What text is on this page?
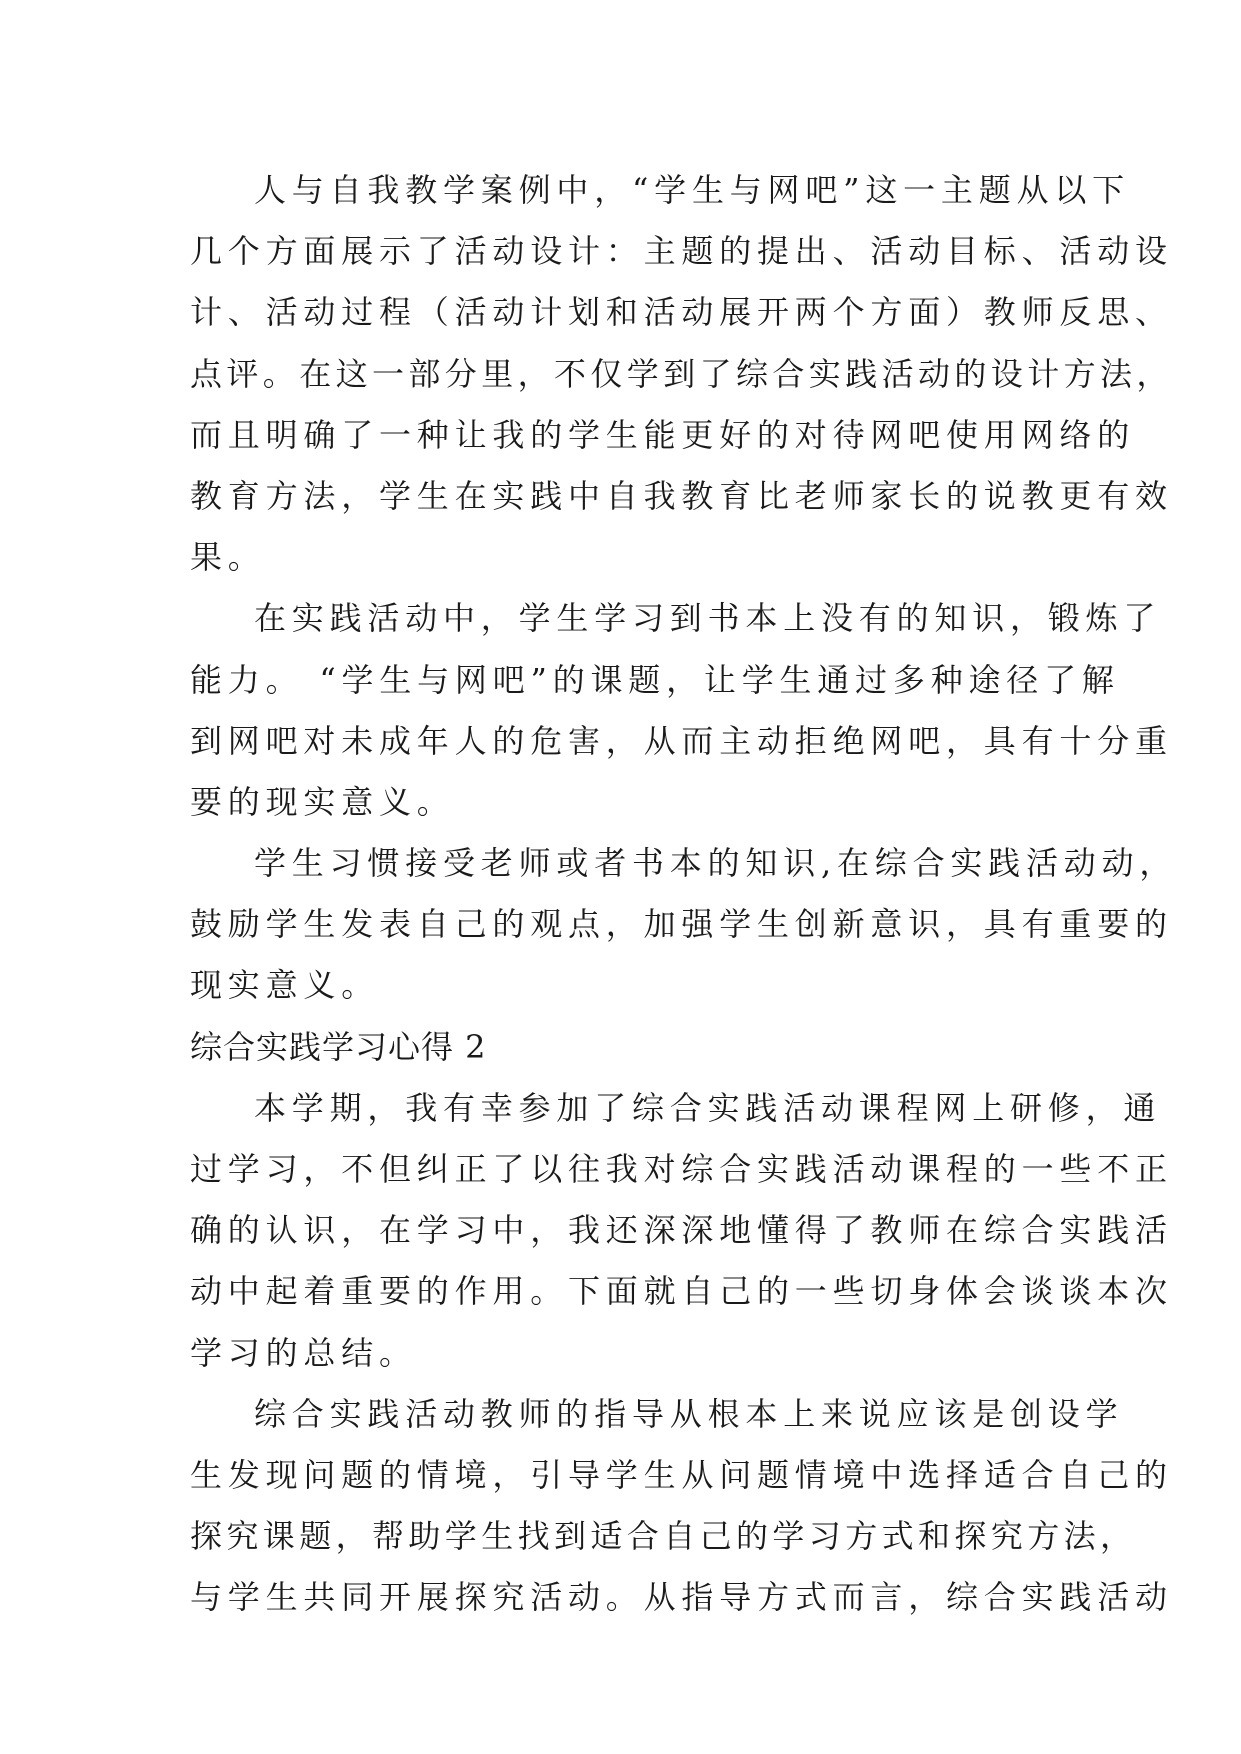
人与自我教学案例中，“学生与网吧”这一主题从以下
几个方面展示了活动设计：主题的提出、活动目标、活动设
计、活动过程（活动计划和活动展开两个方面）教师反思、
点评。在这一部分里，不仅学到了综合实践活动的设计方法，
而且明确了一种让我的学生能更好的对待网吧使用网络的
教育方法，学生在实践中自我教育比老师家长的说教更有效
果。
在实践活动中，学生学习到书本上没有的知识，锻炼了
能力。 “学生与网吧”的课题，让学生通过多种途径了解
到网吧对未成年人的危害，从而主动拒绝网吧，具有十分重
要的现实意义。
学生习惯接受老师或者书本的知识,在综合实践活动动，
鼓励学生发表自己的观点，加强学生创新意识，具有重要的
现实意义。
综合实践学习心得 2
本学期，我有幸参加了综合实践活动课程网上研修，通
过学习，不但纠正了以往我对综合实践活动课程的一些不正
确的认识，在学习中，我还深深地懂得了教师在综合实践活
动中起着重要的作用。下面就自己的一些切身体会谈谈本次
学习的总结。
综合实践活动教师的指导从根本上来说应该是创设学
生发现问题的情境，引导学生从问题情境中选择适合自己的
探究课题，帮助学生找到适合自己的学习方式和探究方法，
与学生共同开展探究活动。从指导方式而言，综合实践活动
